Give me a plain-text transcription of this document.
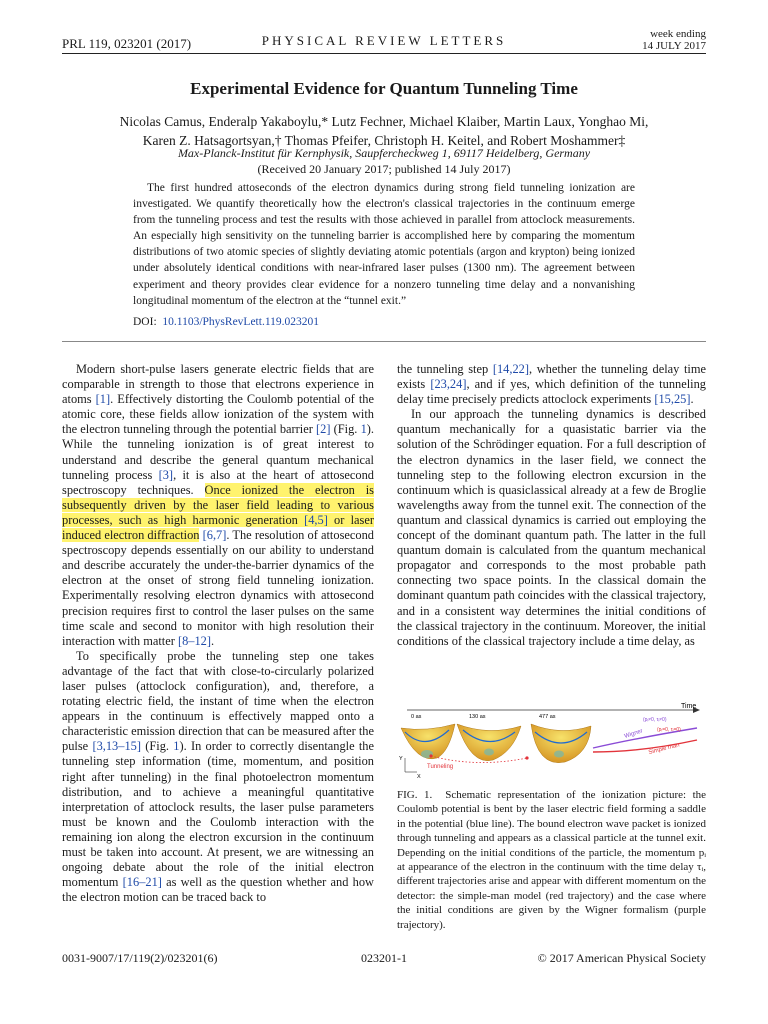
PRL 119, 023201 (2017)	PHYSICAL REVIEW LETTERS	week ending
14 JULY 2017
Experimental Evidence for Quantum Tunneling Time
Nicolas Camus, Enderalp Yakaboylu,* Lutz Fechner, Michael Klaiber, Martin Laux, Yonghao Mi,
Karen Z. Hatsagortsyan,† Thomas Pfeifer, Christoph H. Keitel, and Robert Moshammer‡
Max-Planck-Institut für Kernphysik, Saupfercheckweg 1, 69117 Heidelberg, Germany
(Received 20 January 2017; published 14 July 2017)
The first hundred attoseconds of the electron dynamics during strong field tunneling ionization are investigated. We quantify theoretically how the electron's classical trajectories in the continuum emerge from the tunneling process and test the results with those achieved in parallel from attoclock measurements. An especially high sensitivity on the tunneling barrier is accomplished here by comparing the momentum distributions of two atomic species of slightly deviating atomic potentials (argon and krypton) being ionized under absolutely identical conditions with near-infrared laser pulses (1300 nm). The agreement between experiment and theory provides clear evidence for a nonzero tunneling time delay and a nonvanishing longitudinal momentum of the electron at the “tunnel exit.”
DOI: 10.1103/PhysRevLett.119.023201

Modern short-pulse lasers generate electric fields that are comparable in strength to those that electrons experience in atoms [1]. Effectively distorting the Coulomb potential of the atomic core, these fields allow ionization of the system with the electron tunneling through the potential barrier [2] (Fig. 1). While the tunneling ionization is of great interest to understand and describe the general quantum mechanical tunneling process [3], it is also at the heart of attosecond spectroscopy techniques. Once ionized the electron is subsequently driven by the laser field leading to various processes, such as high harmonic generation [4,5] or laser induced electron diffraction [6,7]. The resolution of attosecond spectroscopy depends essentially on our ability to understand and describe accurately the under-the-barrier dynamics of the electron at the onset of strong field tunneling ionization. Experimentally resolving electron dynamics with attosecond precision requires first to control the laser pulses on the same time scale and second to monitor with high resolution their interaction with matter [8–12].

To specifically probe the tunneling step one takes advantage of the fact that with close-to-circularly polarized laser pulses (attoclock configuration), and, therefore, a rotating electric field, the instant of time when the electron appears in the continuum is effectively mapped onto a characteristic emission direction that can be measured after the pulse [3,13–15] (Fig. 1). In order to correctly disentangle the tunneling step information (time, momentum, and position right after tunneling) in the final photoelectron momentum distribution, and to achieve a meaningful quantitative interpretation of attoclock results, the laser pulse parameters must be known and the Coulomb interaction with the remaining ion along the electron excursion in the continuum must be taken into account. At present, we are witnessing an ongoing debate about the role of the initial electron momentum [16–21] as well as the question whether and how the electron motion can be traced back to

the tunneling step [14,22], whether the tunneling delay time exists [23,24], and if yes, which definition of the tunneling delay time precisely predicts attoclock experiments [15,25].

In our approach the tunneling dynamics is described quantum mechanically for a quasistatic barrier via the solution of the Schrödinger equation. For a full description of the electron dynamics in the laser field, we connect the tunneling step to the following electron excursion in the continuum which is quasiclassical already at a few de Broglie wavelengths away from the tunnel exit. The connection of the quantum and classical dynamics is carried out employing the concept of the dominant quantum path. The latter in the full quantum domain is calculated from the quantum mechanical propagator and corresponds to the most probable path connecting two space points. In the classical domain the dominant quantum path coincides with the classical trajectory, and in a consistent way determines the initial conditions of the classical trajectory in the continuum. Moreover, the initial conditions of the classical trajectory include a time delay, as

Time
0 as	130 as	477 as
Wigner
Simple man
(pᵢ≠0, τᵢ≠0)
(pᵢ=0, τᵢ=0)
Tunneling
Y
X
FIG. 1. Schematic representation of the ionization picture: the Coulomb potential is bent by the laser electric field forming a saddle in the potential (blue line). The bound electron wave packet is ionized through tunneling and appears as a classical particle at the tunnel exit. Depending on the initial conditions of the particle, the momentum pᵢ at appearance of the electron in the continuum with the time delay τᵢ, different trajectories arise and appear with different momentum on the detector: the simple-man model (red trajectory) and the case where the initial conditions are given by the Wigner formalism (purple trajectory).
0031-9007/17/119(2)/023201(6)	023201-1	© 2017 American Physical Society
